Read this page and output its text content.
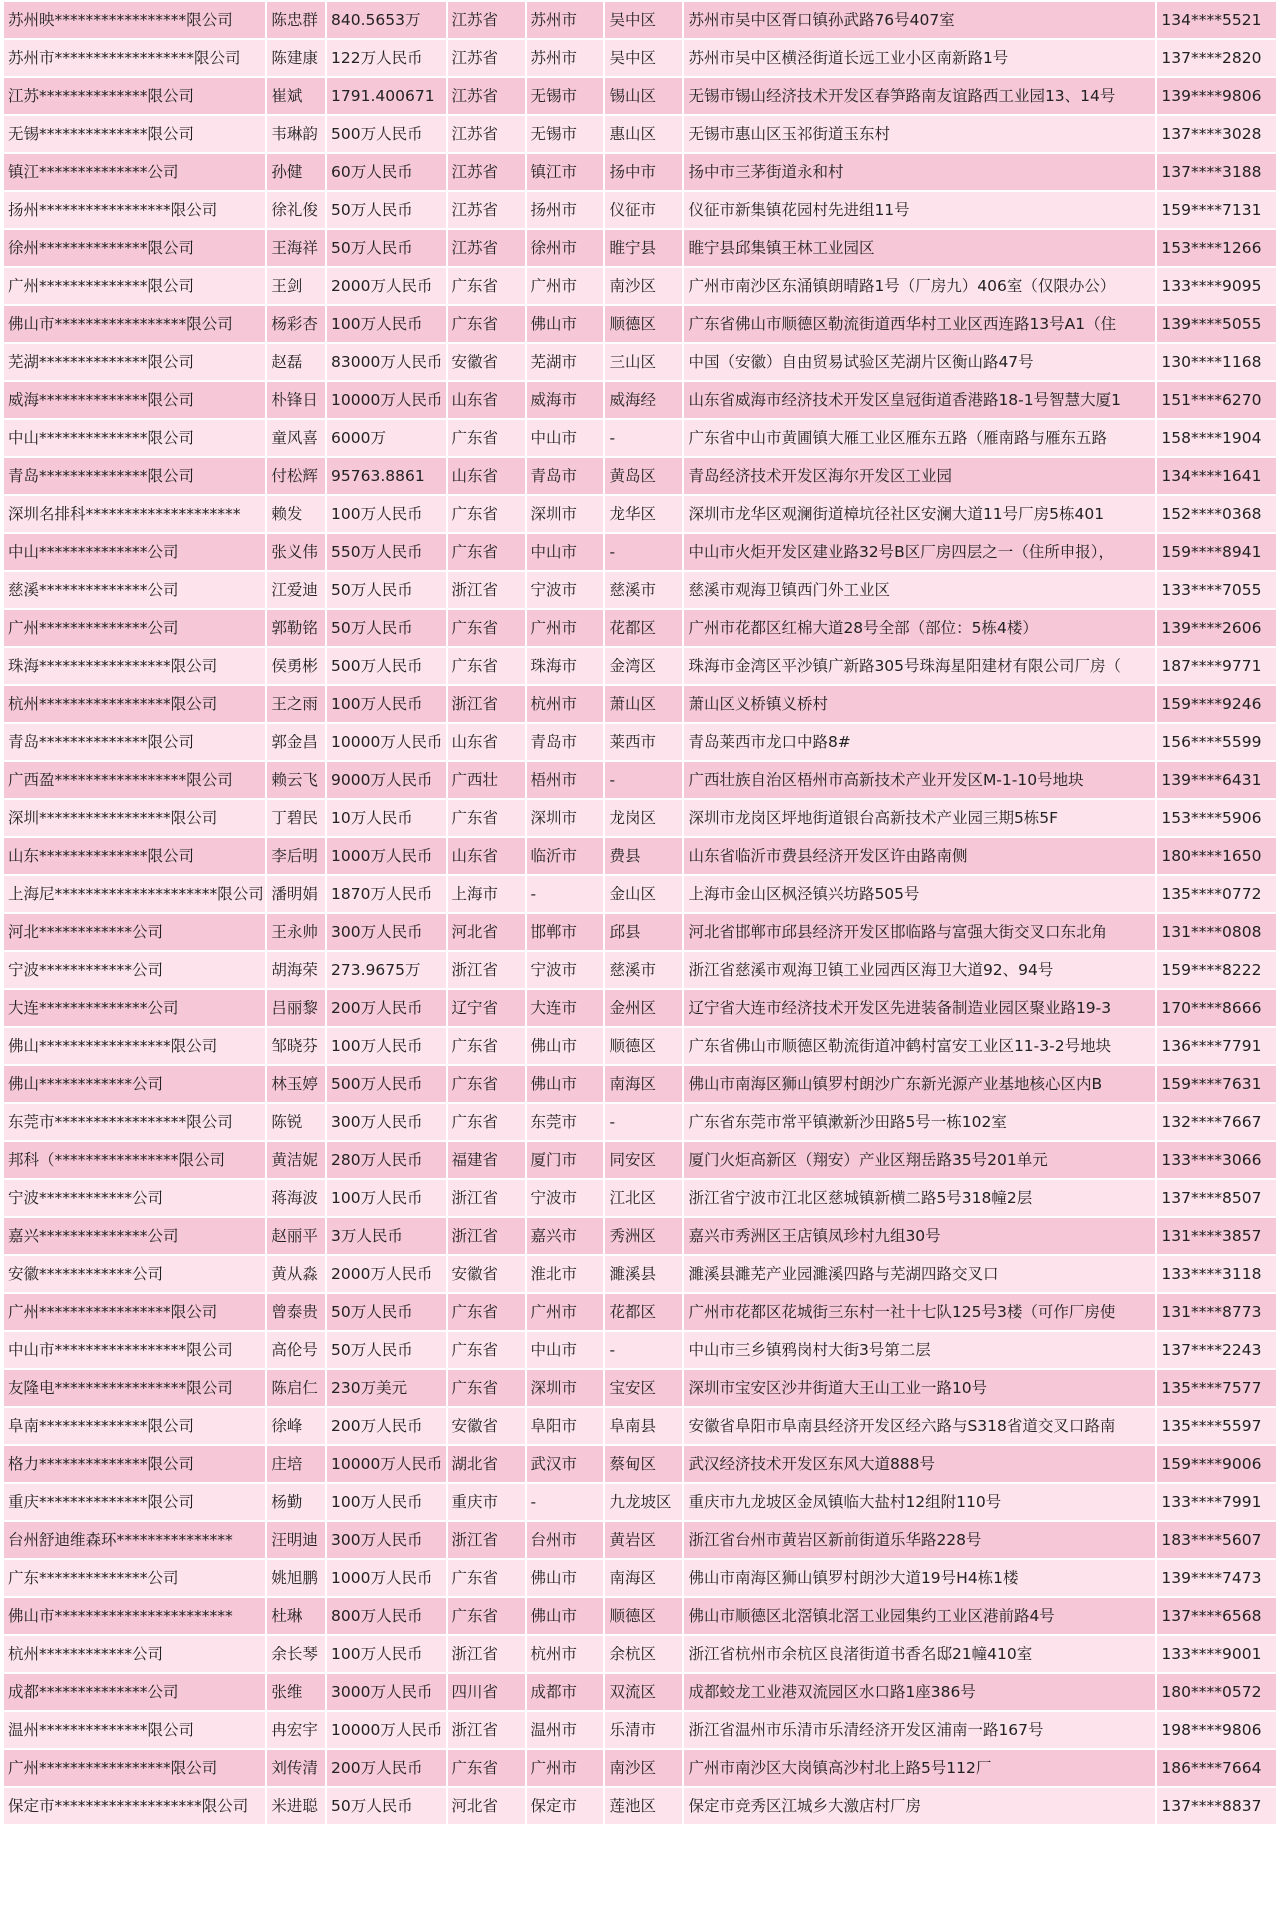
苏州映*****************限公司	陈忠群	840.5653万	江苏省	苏州市	吴中区	苏州市吴中区胥口镇孙武路76号407室	134****5521
苏州市******************限公司	陈建康	122万人民币	江苏省	苏州市	吴中区	苏州市吴中区横泾街道长远工业小区南新路1号	137****2820
江苏**************限公司	崔斌	1791.400671	江苏省	无锡市	锡山区	无锡市锡山经济技术开发区春笋路南友谊路西工业园13、14号	139****9806
无锡**************限公司	韦琳韵	500万人民币	江苏省	无锡市	惠山区	无锡市惠山区玉祁街道玉东村	137****3028
镇江**************公司	孙健	60万人民币	江苏省	镇江市	扬中市	扬中市三茅街道永和村	137****3188
扬州*****************限公司	徐礼俊	50万人民币	江苏省	扬州市	仪征市	仪征市新集镇花园村先进组11号	159****7131
徐州**************限公司	王海祥	50万人民币	江苏省	徐州市	睢宁县	睢宁县邱集镇王林工业园区	153****1266
广州**************限公司	王剑	2000万人民币	广东省	广州市	南沙区	广州市南沙区东涌镇朗晴路1号（厂房九）406室（仅限办公）	133****9095
佛山市*****************限公司	杨彩杏	100万人民币	广东省	佛山市	顺德区	广东省佛山市顺德区勒流街道西华村工业区西连路13号A1（住	139****5055
芜湖**************限公司	赵磊	83000万人民币	安徽省	芜湖市	三山区	中国（安徽）自由贸易试验区芜湖片区衡山路47号	130****1168
威海**************限公司	朴锋日	10000万人民币	山东省	威海市	威海经	山东省威海市经济技术开发区皇冠街道香港路18-1号智慧大厦1	151****6270
中山**************限公司	童风喜	6000万	广东省	中山市	-	广东省中山市黄圃镇大雁工业区雁东五路（雁南路与雁东五路	158****1904
青岛**************限公司	付松辉	95763.8861	山东省	青岛市	黄岛区	青岛经济技术开发区海尔开发区工业园	134****1641
深圳名排科********************	赖发	100万人民币	广东省	深圳市	龙华区	深圳市龙华区观澜街道樟坑径社区安澜大道11号厂房5栋401	152****0368
中山**************公司	张义伟	550万人民币	广东省	中山市	-	中山市火炬开发区建业路32号B区厂房四层之一（住所申报），	159****8941
慈溪**************公司	江爱迪	50万人民币	浙江省	宁波市	慈溪市	慈溪市观海卫镇西门外工业区	133****7055
广州**************公司	郭勒铭	50万人民币	广东省	广州市	花都区	广州市花都区红棉大道28号全部（部位：5栋4楼）	139****2606
珠海*****************限公司	侯勇彬	500万人民币	广东省	珠海市	金湾区	珠海市金湾区平沙镇广新路305号珠海星阳建材有限公司厂房（	187****9771
杭州*****************限公司	王之雨	100万人民币	浙江省	杭州市	萧山区	萧山区义桥镇义桥村	159****9246
青岛**************限公司	郭金昌	10000万人民币	山东省	青岛市	莱西市	青岛莱西市龙口中路8#	156****5599
广西盈*****************限公司	赖云飞	9000万人民币	广西壮	梧州市	-	广西壮族自治区梧州市高新技术产业开发区M-1-10号地块	139****6431
深圳*****************限公司	丁碧民	10万人民币	广东省	深圳市	龙岗区	深圳市龙岗区坪地街道银台高新技术产业园三期5栋5F	153****5906
山东**************限公司	李后明	1000万人民币	山东省	临沂市	费县	山东省临沂市费县经济开发区许由路南侧	180****1650
上海尼*********************限公司	潘明娟	1870万人民币	上海市	-	金山区	上海市金山区枫泾镇兴坊路505号	135****0772
河北************公司	王永帅	300万人民币	河北省	邯郸市	邱县	河北省邯郸市邱县经济开发区邯临路与富强大街交叉口东北角	131****0808
宁波************公司	胡海荣	273.9675万	浙江省	宁波市	慈溪市	浙江省慈溪市观海卫镇工业园西区海卫大道92、94号	159****8222
大连**************公司	吕丽黎	200万人民币	辽宁省	大连市	金州区	辽宁省大连市经济技术开发区先进装备制造业园区聚业路19-3	170****8666
佛山*****************限公司	邹晓芬	100万人民币	广东省	佛山市	顺德区	广东省佛山市顺德区勒流街道冲鹤村富安工业区11-3-2号地块	136****7791
佛山************公司	林玉婷	500万人民币	广东省	佛山市	南海区	佛山市南海区狮山镇罗村朗沙广东新光源产业基地核心区内B	159****7631
东莞市*****************限公司	陈锐	300万人民币	广东省	东莞市	-	广东省东莞市常平镇漱新沙田路5号一栋102室	132****7667
邦科（****************限公司	黄洁妮	280万人民币	福建省	厦门市	同安区	厦门火炬高新区（翔安）产业区翔岳路35号201单元	133****3066
宁波************公司	蒋海波	100万人民币	浙江省	宁波市	江北区	浙江省宁波市江北区慈城镇新横二路5号318幢2层	137****8507
嘉兴**************公司	赵丽平	3万人民币	浙江省	嘉兴市	秀洲区	嘉兴市秀洲区王店镇凤珍村九组30号	131****3857
安徽************公司	黄从淼	2000万人民币	安徽省	淮北市	濉溪县	濉溪县濉芜产业园濉溪四路与芜湖四路交叉口	133****3118
广州*****************限公司	曾泰贵	50万人民币	广东省	广州市	花都区	广州市花都区花城街三东村一社十七队125号3楼（可作厂房使	131****8773
中山市*****************限公司	高伦号	50万人民币	广东省	中山市	-	中山市三乡镇鸦岗村大街3号第二层	137****2243
友隆电*****************限公司	陈启仁	230万美元	广东省	深圳市	宝安区	深圳市宝安区沙井街道大王山工业一路10号	135****7577
阜南**************限公司	徐峰	200万人民币	安徽省	阜阳市	阜南县	安徽省阜阳市阜南县经济开发区经六路与S318省道交叉口路南	135****5597
格力**************限公司	庄培	10000万人民币	湖北省	武汉市	蔡甸区	武汉经济技术开发区东风大道888号	159****9006
重庆**************限公司	杨勤	100万人民币	重庆市	-	九龙坡区	重庆市九龙坡区金凤镇临大盐村12组附110号	133****7991
台州舒迪维森环***************	汪明迪	300万人民币	浙江省	台州市	黄岩区	浙江省台州市黄岩区新前街道乐华路228号	183****5607
广东**************公司	姚旭鹏	1000万人民币	广东省	佛山市	南海区	佛山市南海区狮山镇罗村朗沙大道19号H4栋1楼	139****7473
佛山市***********************	杜琳	800万人民币	广东省	佛山市	顺德区	佛山市顺德区北滘镇北滘工业园集约工业区港前路4号	137****6568
杭州************公司	余长琴	100万人民币	浙江省	杭州市	余杭区	浙江省杭州市余杭区良渚街道书香名邸21幢410室	133****9001
成都**************公司	张维	3000万人民币	四川省	成都市	双流区	成都蛟龙工业港双流园区水口路1座386号	180****0572
温州**************限公司	冉宏宇	10000万人民币	浙江省	温州市	乐清市	浙江省温州市乐清市乐清经济开发区浦南一路167号	198****9806
广州*****************限公司	刘传清	200万人民币	广东省	广州市	南沙区	广州市南沙区大岗镇高沙村北上路5号112厂	186****7664
保定市*******************限公司	米进聪	50万人民币	河北省	保定市	莲池区	保定市竞秀区江城乡大激店村厂房	137****8837
